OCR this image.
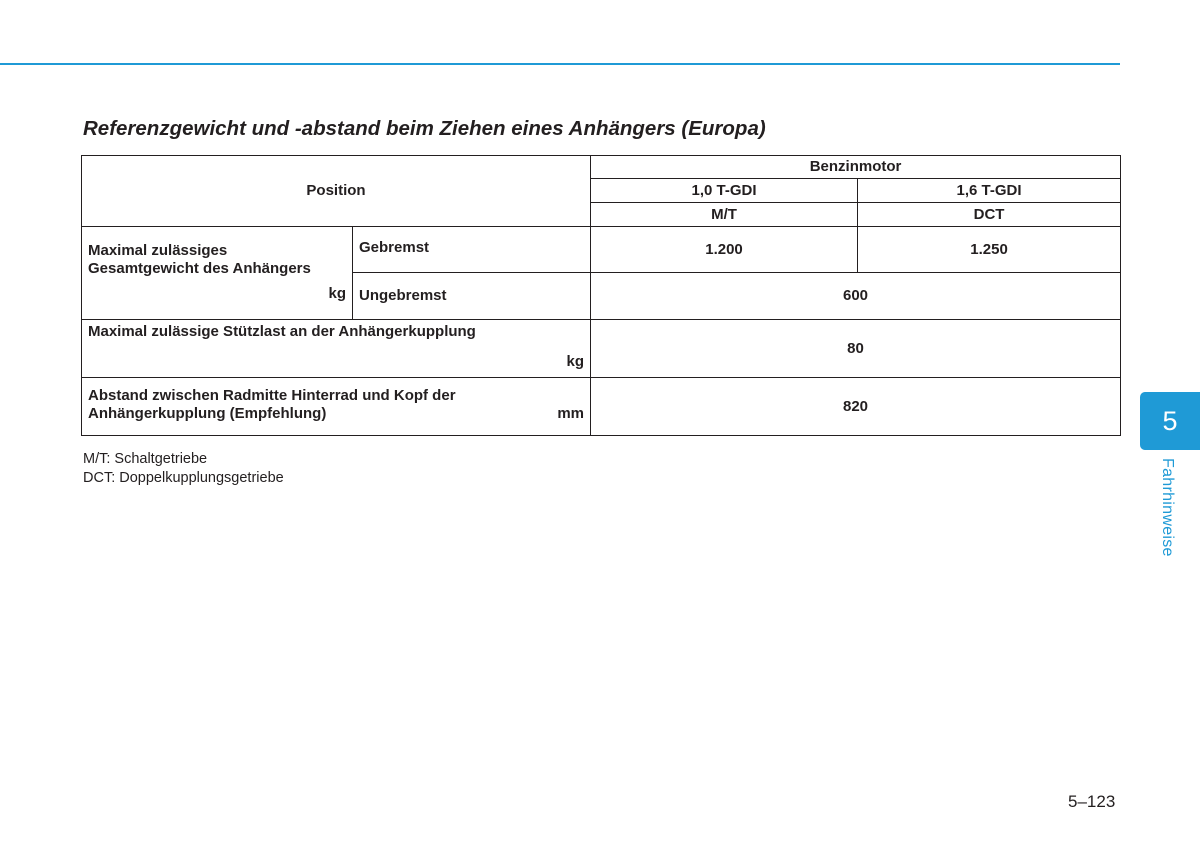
Referenzgewicht und -abstand beim Ziehen eines Anhängers (Europa)
Position		Benzinmotor	
		1,0 T-GDI	1,6 T-GDI
		M/T	DCT

Maximal zulässiges Gesamtgewicht des Anhängers
kg	Gebremst	1.200	1.250
	Ungebremst	600	

Maximal zulässige Stützlast an der Anhängerkupplung
kg		80	

Abstand zwischen Radmitte Hinterrad und Kopf der Anhängerkupplung (Empfehlung) mm		820	
M/T: Schaltgetriebe
DCT: Doppelkupplungsgetriebe
5
Fahrhinweise
5–123
